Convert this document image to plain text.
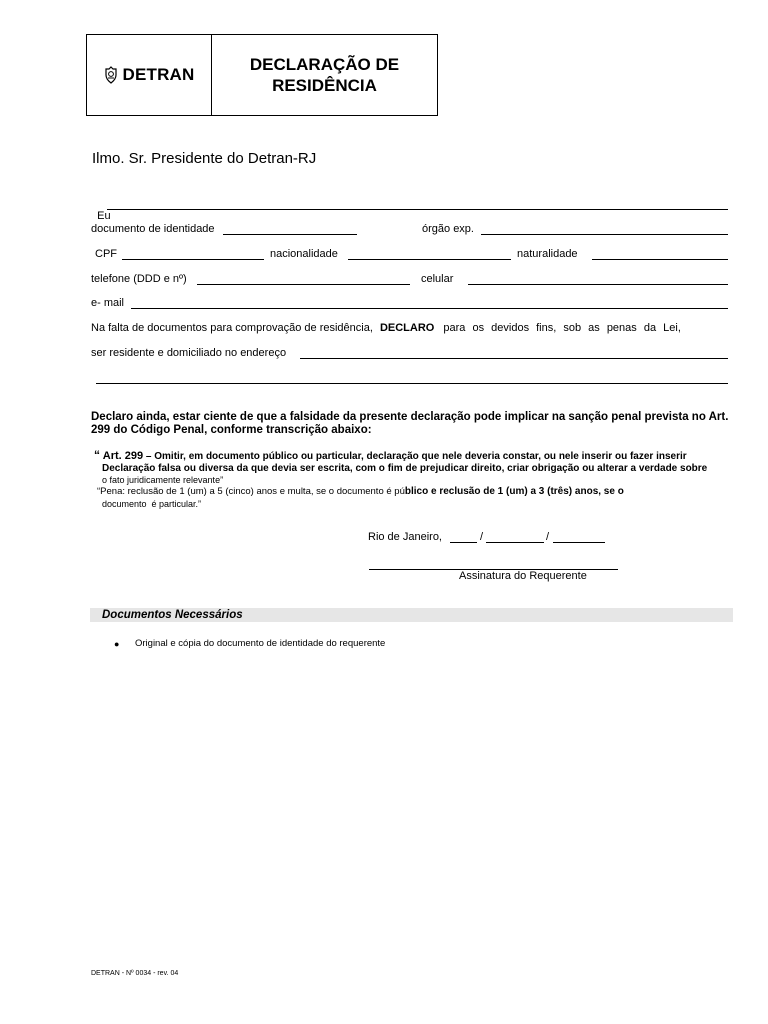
DETRAN
DECLARAÇÃO DE RESIDÊNCIA
Ilmo. Sr. Presidente do Detran-RJ

Eu

documento de identidade	órgão exp.
CPF	nacionalidade	naturalidade
telefone (DDD e nº)	celular
e- mail
Na falta de documentos para comprovação de residência, DECLARO para os devidos fins, sob as penas da Lei,
ser residente e domiciliado no endereço
Declaro ainda, estar ciente de que a falsidade da presente declaração pode implicar na sanção penal prevista no Art. 299 do Código Penal, conforme transcrição abaixo:
“ Art. 299 – Omitir, em documento público ou particular, declaração que nele deveria constar, ou nele inserir ou fazer inserir
Declaração falsa ou diversa da que devia ser escrita, com o fim de prejudicar direito, criar obrigação ou alterar a verdade sobre
o fato juridicamente relevante”
“Pena: reclusão de 1 (um) a 5 (cinco) anos e multa, se o documento é público e reclusão de 1 (um) a 3 (três) anos, se o
documento  é particular.”
Rio de Janeiro,	/	/
Assinatura do Requerente
Documentos Necessários
● Original e cópia do documento de identidade do requerente
DETRAN - Nº 0034 - rev. 04
